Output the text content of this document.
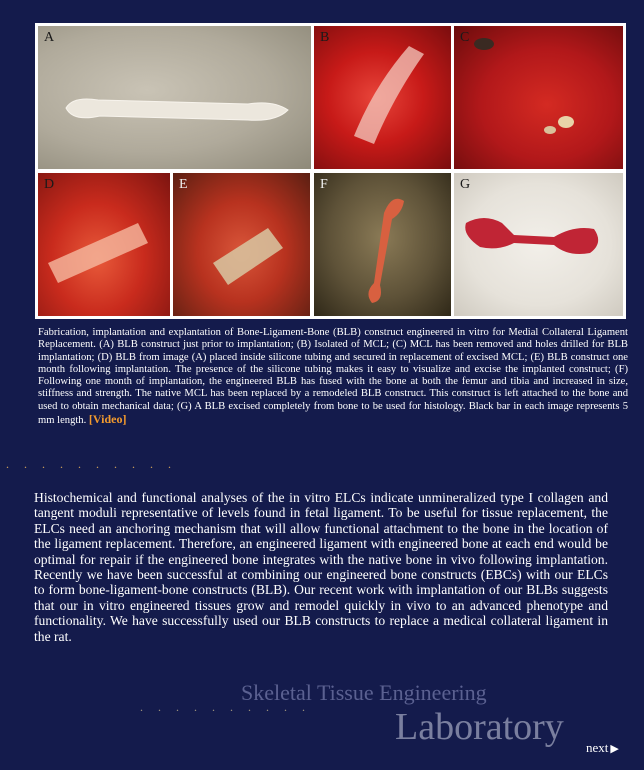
A	B	C
D	E	F	G
Fabrication, implantation and explantation of Bone-Ligament-Bone (BLB) construct engineered in vitro for Medial Collateral Ligament Replacement. (A) BLB construct just prior to implantation; (B) Isolated of MCL; (C) MCL has been removed and holes drilled for BLB implantation; (D) BLB from image (A) placed inside silicone tubing and secured in replacement of excised MCL; (E) BLB construct one month following implantation. The presence of the silicone tubing makes it easy to visualize and excise the implanted construct; (F) Following one month of implantation, the engineered BLB has fused with the bone at both the femur and tibia and increased in size, stiffness and strength. The native MCL has been replaced by a remodeled BLB construct. This construct is left attached to the bone and used to obtain mechanical data; (G) A BLB excised completely from bone to be used for histology. Black bar in each image represents 5 mm length. [Video]
. . . . . . . . . .
Histochemical and functional analyses of the in vitro ELCs indicate unmineralized type I collagen and tangent moduli representative of levels found in fetal ligament. To be useful for tissue replacement, the ELCs need an anchoring mechanism that will allow functional attachment to the bone in the location of the ligament replacement. Therefore, an engineered ligament with engineered bone at each end would be optimal for repair if the engineered bone integrates with the native bone in vivo following implantation. Recently we have been successful at combining our engineered bone constructs (EBCs) with our ELCs to form bone-ligament-bone constructs (BLB). Our recent work with implantation of our BLBs suggests that our in vitro engineered tissues grow and remodel quickly in vivo to an advanced phenotype and functionality. We have successfully used our BLB constructs to replace a medical collateral ligament in the rat.
. . . . . . . . . .
Skeletal Tissue Engineering
Laboratory next ▶
